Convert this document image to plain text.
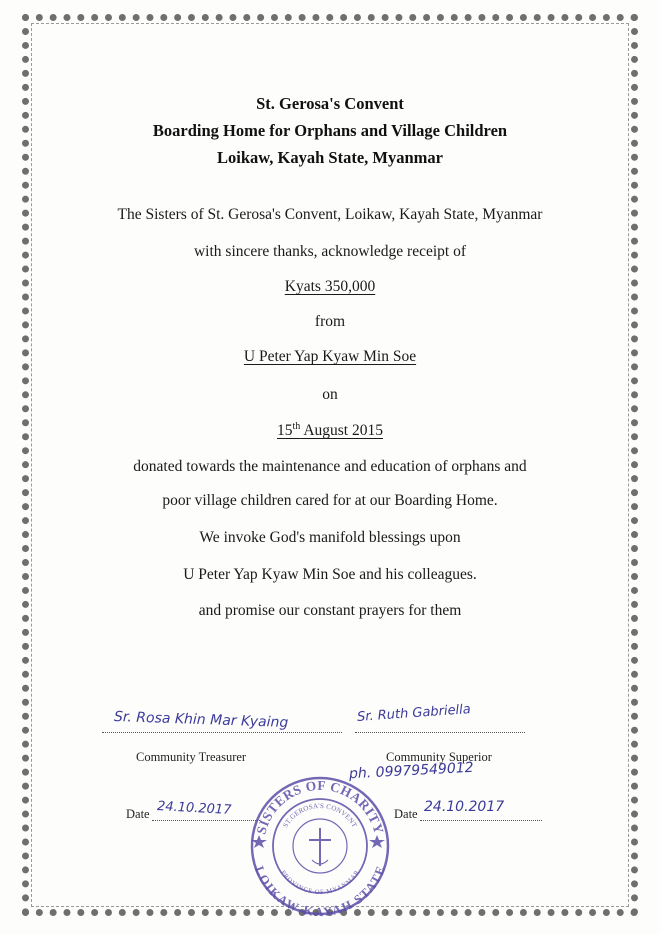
St. Gerosa's Convent
Boarding Home for Orphans and Village Children
Loikaw, Kayah State, Myanmar
The Sisters of St. Gerosa's Convent, Loikaw, Kayah State, Myanmar
with sincere thanks, acknowledge receipt of
Kyats 350,000
from
U Peter Yap Kyaw Min Soe
on
15th August 2015
donated towards the maintenance and education of orphans and
poor village children cared for at our Boarding Home.
We invoke God's manifold blessings upon
U Peter Yap Kyaw Min Soe and his colleagues.
and promise our constant prayers for them
Sr. Rosa Khin Mar Kyaing	Sr. Ruth Gabriella
Community Treasurer	Community Superior
ph. 09979549012
Date 24.10.2017	Date 24.10.2017
SISTERS OF CHARITY
LOIKAW-KAYAH STATE
ST.GEROSA'S CONVENT
PROVINCE OF MYANMAR
